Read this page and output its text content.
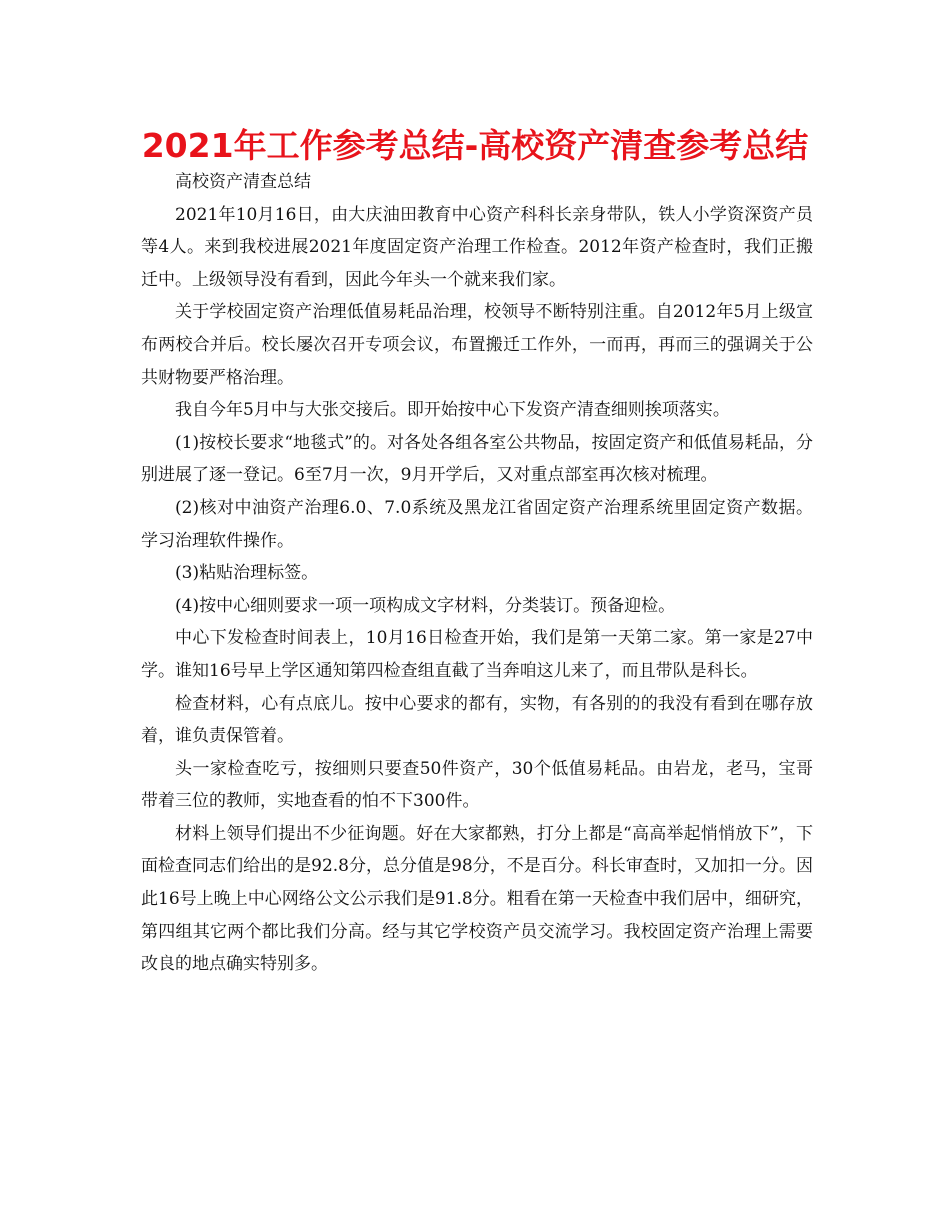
2021年工作参考总结-高校资产清查参考总结

高校资产清查总结

2021年10月16日，由大庆油田教育中心资产科科长亲身带队，铁人小学资深资产员等4人。来到我校进展2021年度固定资产治理工作检查。2012年资产检查时，我们正搬迁中。上级领导没有看到，因此今年头一个就来我们家。

关于学校固定资产治理低值易耗品治理，校领导不断特别注重。自2012年5月上级宣布两校合并后。校长屡次召开专项会议，布置搬迁工作外，一而再，再而三的强调关于公共财物要严格治理。

我自今年5月中与大张交接后。即开始按中心下发资产清查细则挨项落实。

(1)按校长要求“地毯式”的。对各处各组各室公共物品，按固定资产和低值易耗品，分别进展了逐一登记。6至7月一次，9月开学后，又对重点部室再次核对梳理。

(2)核对中油资产治理6.0、7.0系统及黑龙江省固定资产治理系统里固定资产数据。学习治理软件操作。

(3)粘贴治理标签。

(4)按中心细则要求一项一项构成文字材料，分类装订。预备迎检。

中心下发检查时间表上，10月16日检查开始，我们是第一天第二家。第一家是27中学。谁知16号早上学区通知第四检查组直截了当奔咱这儿来了，而且带队是科长。

检查材料，心有点底儿。按中心要求的都有，实物，有各别的的我没有看到在哪存放着，谁负责保管着。

头一家检查吃亏，按细则只要查50件资产，30个低值易耗品。由岩龙，老马，宝哥带着三位的教师，实地查看的怕不下300件。

材料上领导们提出不少征询题。好在大家都熟，打分上都是“高高举起悄悄放下”，下面检查同志们给出的是92.8分，总分值是98分，不是百分。科长审查时，又加扣一分。因此16号上晚上中心网络公文公示我们是91.8分。粗看在第一天检查中我们居中，细研究，第四组其它两个都比我们分高。经与其它学校资产员交流学习。我校固定资产治理上需要改良的地点确实特别多。
